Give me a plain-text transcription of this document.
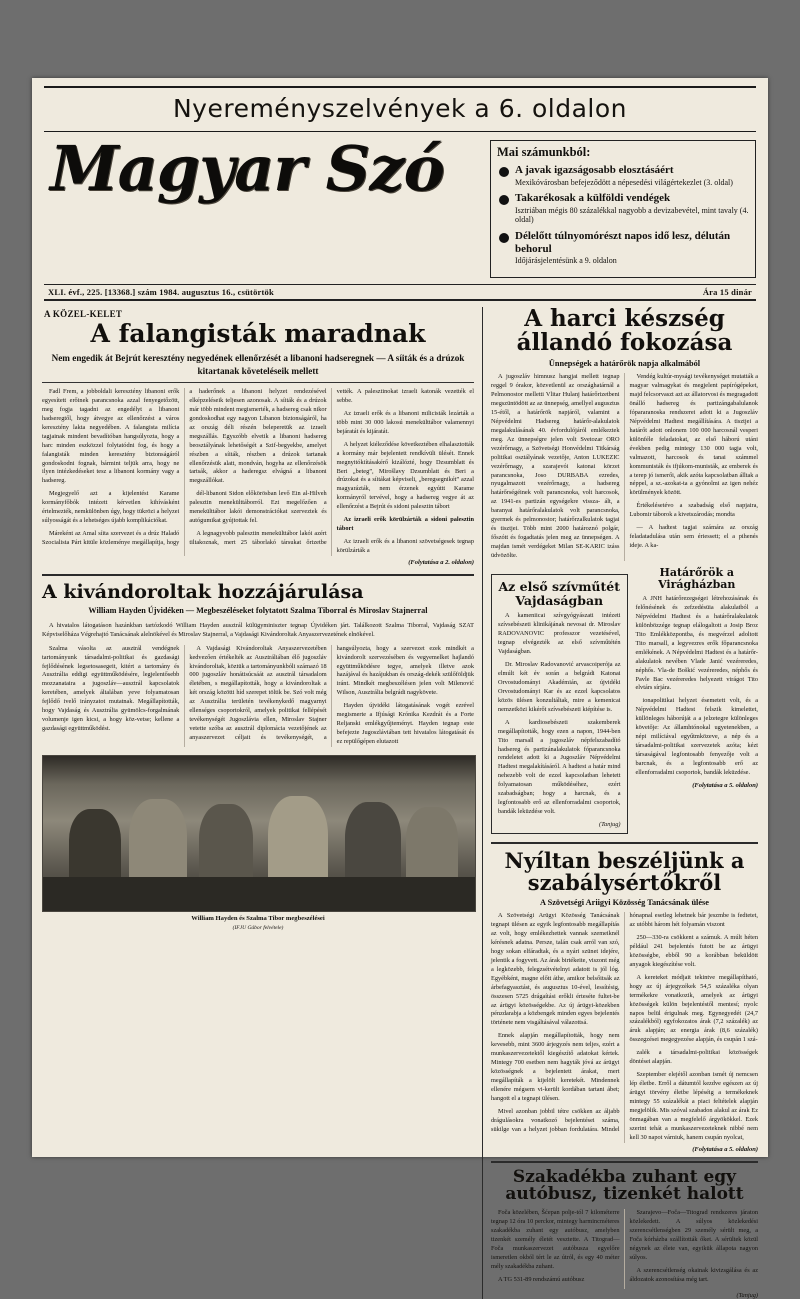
Nyereményszelvények a 6. oldalon
Magyar Szó	Mai számunkból:
A javak igazságosabb elosztásáért
Mexikóvárosban befejeződött a népesedési világértekezlet (3. oldal)
Takarékosak a külföldi vendégek
Isztriában mégis 80 százalékkal nagyobb a devizabevétel, mint tavaly (4. oldal)
Délelőtt túlnyomórészt napos idő lesz, délután behorul
Időjárásjelentésünk a 9. oldalon
XLI. évf., 225. [13368.] szám 1984. augusztus 16., csütörtök	Ára 15 dinár
A KÖZEL-KELET
A falangisták maradnak
Nem engedik át Bejrút keresztény negyedének ellenőrzését a libanoni hadseregnek — A síiták és a drúzok kitartanak követeléseik mellett

Fadl Frem, a jobboldali keresztény libanoni erők egyesített erőinek parancsnoka azzal fenyegetőzött, meg fogja tagadni az engedélyt a libanoni hadseregtől, hogy átvegye az ellenőrzést a város keresztény lakta negyedében. A falangista milícia tagjainak mindent bevadítóban hangsúlyozta, hogy a harc minden eszközzel folytatódni fog, és hogy a falangisták minden keresztény biztonságáról gondoskodni fognak, bármint teljük arra, hogy ne ilyen intézkedéseket tesz a libanoni kormány vagy a hadsereg.

Megjegyelő azt a kijelentést Karame kormányfőbók intézett kérvetlen kihívásként értelmezték, nemkülönben úgy, hogy tükrözi a helyzei súlyosságát és a lehetséges újabb komplikációkat.

Máreként az Amal síita szervezet és a drúz Haladó Szocialista Párt kitüle közleménye megállapítja, hogy a haderőnek a libanoni helyzet rendezésével elképzeléseik teljesen azonosak. A síiták és a drúzok már több mindent megismerték, a hadsereg csak nikor gondoskodhat egy nagyon Libanon biztonságáról, ha az ország déli részén beleperetük az izraeli megszállás. Egyszóbb elvetik a libanoni hadsereg beosztályának lehetőségét a Szif-begyekbe, amelyet részben a síiták, részben a drúzok tartanak ellenőrzésük alatt, mondván, hogyha az ellenőrzésök tartsák, akkor a haderegsz elvágná a libanoni megszállókat.

dél-libanoni Sidon előkörösban levő Ein al-Hilveh palesztin menekülttáborról. Ezt megelőzően a menekülttábor lakói demonstrációkat szerveztek és autógumikat gyújtottak fel.

A legnagyvobb palesztin menekülttábor lakói azért tiltakoznak, mert 25 táborlakó társukat őrizetbe vették. A palesztinokat izraeli katonák vezették el sebbe.

Az izraeli erők és a libanoni milicisták lezárták a több mint 30 000 lakosú menekülttábor valamennyi bejáratát és kijáratát.

A helyzet kiéleződése következtében elhalasztották a kormány már bejelentett rendkívüli ülését. Ennek megnyitókiításakérő kizálózté, hogy Dzsumblatt és Beri „beteg”, Mirošlavy Dzsumblatt és Beri a drúzokat és a síitákat képviseli, „beregsegnikét” azzal magyarázták, nem érzenek egyúttt Karame kormányról tervével, hogy a hadsereg vegye át az ellenőrzést a Bejrút és sidoni palesztin tábort

Az izraeli erők körülzárták a sidoni palesztin tábort

Az izraeli erők és a libanoni szövetségesek tegnap körülzárták a

(Folytatása a 2. oldalon)
A kivándoroltak hozzájárulása
William Hayden Újvidéken — Megbeszéléseket folytatott Szalma Tiborral és Miroslav Stajnerral

A hivatalos látogatáson hazánkban tartózkodó William Hayden ausztrál külügyminiszter tegnap Újvidéken járt. Találkozott Szalma Tiborral, Vajdaság SZAT Képviselőháza Végrehajtó Tanácsának alelnökével és Miroslav Stajnerral, a Vajdasági Kivándoroltak Anyaszervezetének elnökével.

Szalma vásolta az ausztrál vendégnek tartományunk társadalmi-politikai és gazdasági fejlődésének legsetosasegeit, kitért a tartomány és Ausztrália eddigi együttműködésére, legjelentősebb mozzanataira a jugoszláv—ausztrál kapcsolatok keretében, amelyek általában yeve folyamatosan fejlődő ivelő irányzatot mutatnak. Megállapították, hogy Vajdaság és Ausztrália gyümölcs-forgalmának volumenje igen kicsi, a hogy köz-vetse; kellene a gazdasági együttműködést.

A Vajdasági Kivándoroltak Anyaszervezetében kedvezően értékelték az Ausztráliában élő jugoszláv kivándoroltak, köztük a tartományunkbóli számazó 18 000 jugoszláv honátisúcsáát az ausztrál társadalom életében, s megállapították, hogy a kivándoroltak a két ország közötti híd szerepet töltik be. Szó volt még az Ausztrália területén tevékenykedő magyarnyi ellenséges csoportokról, amelyek politikai fellépését tevékenységét Jugoszlávia ellen, Miroslav Stajner vetette szóba az ausztrál diplomácia vezetőjének az anyaszervezet céljait és tevékenységét, a hangsúlyozta, hogy a szervezet ezek mindkét a kivándorolt szervezésében és vegyemelket hajlandó együttműködésre tegye, amelyek illetve azok hazájával és hazájukban és ország-dekék szülőföldjük iránt. Mindkét megbeszélésen jelen volt Milenović Wilson, Ausztrália belgrádi nagykövete.

Hayden újvidéki látogatásának vogét ezrével megismerte a Ifjúsági Krónika Kezdrát és a Forte Reljanski emlékgyűjteményt. Hayden tegnap este befejezte Jugoszláviában tett hivatalos látogatását és ez repülőgépen elutazott

William Hayden és Szalma Tibor megbeszélései
(IFJU Gábor felvétele)
A harci készség állandó fokozása
Ünnepségek a határőrök napja alkalmából

A jugoszláv himnusz hangjai mellett tegnap reggel 9 órakor, közvetlenül az országhatárnál a Pelmonostor melletti Vlitar Hulanj határőrizetbeni megszüntödött az az ünnepség, amellyel augusztus 15-étől, a határőrök napjáról, valamint a Népvédelmi Hadsereg határőr-alakulatok megalakulásának 40. évfordulójáról emlékeztek meg. Az ünnepségre jelen volt Svetozar ORO vezérőrnagy, a Szövetségi Honvédelmi Titkárság politikai osztályának vezetője, Anton LUKEZIC vezérőrnagy, a szarajevói katonai körzet parancsnoka, Joso DURBABA ezredes, nyugalmazott vezérőrnagy, a hadsereg határőrségéinek volt parancsnoka, volt harcosok, az 1941-es partizán egységekre vissza- ált, a baranyai határőralakulatok volt parancsnoka, gyermek és pelmonostor; határőrzalkulatok tagjai és tisztjei. Több mint 2000 határoznó polgár, főszótt és fogadtatás jelen meg az ünnepségen. A majdan ismét verdégeket Milan SE-KARIC izáss üdvözölte.

Vendég kultúr-mysági tevékenységet mutatták a magyar valmagykat és megjelent papírógépeket, majd felcsorvaszt azt az állatorvosi és megragadott önálló hadsereg és partizángabalulanok fópararanoska rendszerei adott ki a Jugoszláv Népvédelmi Hadtest megállítására. A tisztjei a határőt adott onlonem 100 000 harcosnál vesperi különféle feladatokat, az első háború utáni években pedig mintegy 130 000 tagja volt, valmazott, harcosok és tanai számmel kommunisták és ifjúkom-munisták, az emberek és a terep jó ismerői, akik azóta kapcsolatban álltak a néppel, a sz.-azokat-ta a gyónolmi az igen nehéz körülmények között.

Értékelésetévo a szabadság első napjaira, Lubomir táborok a kivetszárodás; mondta

— A hadtest tagjai számára az ország feladatadulása után sem ériessett; el a pihenés ideje. A ka-

Az első szívműtét Vajdaságban

A kameniicai szívgyógyászati intézeti szívsebészeti klinikájának nevosai dr. Miroslav RADOVANOVIC professzor vezetésével, tegnap elvégezték az első szívműtétén Vajdaságban.

Dr. Miroslav Radovanović arvascoiperója az elmúlt két év során a belgrádi Katonai Orvostudományi Akadémián, az újvidéki Orvostudományi Kar és az ezzel kapcsolatos közös ülésen konzultáltak, mire a kemenicai nemzetközi kikérőt szívsebészeti kiépítése is.

A kardiosebészeti szakemberek megállapították, hogy ezen a napon, 1944-ben Tito marsall a jugoszláv népfelszabadító hadsereg és partizánalakulatok fóparancsnoka rendeletet adott ki a Jugoszláv Népvédelmi Hadtest megalakításáról. A hadtest a határ mind nehezebb volt de ezzel kapcsolatban lehetett folyamatosan működéséhez, ezért szabadságban; hogy a harcnak, és a legfontosabb erő az ellenforradalmi csoportok, bandák leküzdése volt.

(Tanjug)
Határőrök a Virágházban

A JNH határőrezegségei létrehozásának és felőnésének és zefzedésüia alakulatból a Népvédelmi Hadtest és a határőralakulatok különbözzége tegnap elálogaltott a Josip Broz Tito Emlékközpontba, és megvérzel adoltott Tito marsall, a legyvezres erők főparancsnoka emlékének. A Népvédelmi Hadtest és a határőr-alakulatok nevében Vlade Janić vezéreredes, néphős. Vla-de Boškić vezéreredes, néphős és Pavle Bac vezéreredes helyezett virágot Tito elvtárs sírjára.

ionapolitikai helyzet ésemetett volt, és a Népvédelmi Hadtest felszik kimelettet, küllönleges háborúját a a jelzetegre különleges követője: Az államhtónokal ugyetenekben, a népi milíciával egyűtmközeve, a nép és a társadalmi-politikai szervezetek azóta; kézt társaságával legfontosabb fenyezője volt a barcnak, és a legfontosabb erő az ellenforradalmi csoportok, bandák leküzdése.

(Folytatása a 5. oldalon)
Nyíltan beszéljünk a szabálysértőkről
A Szövetségi Ariigyi Közösség Tanácsának ülése

A Szövetségi Arügyi Közösség Tanácsának tegnapi ülésen az egyik legfontosabb megállapítás az volt, hogy emlékezhettek vannak szemeiknél kérésnek adatna. Persze, talán csak arról van szó, hogy sokan elfáradtak, és a nyári szünet idejére, jelentik a fogyvett. Az árak birtékeite, viszont még a legközebb, felegzsétvételnyi adatott is jól lóg. Egyébként, magne előtt áthe, amikor belsőitsák az árbefagyasztást, és augusztus 10-ével, lessítésig, összesen 5725 drágaítási erőkli érteséte fultet-be az árügyi közösségekbe. Az új árügyi-közekben pénzdarabja a közbengek minden egyes bejelentés története nem visgáltásával válazottsá.

Ennek alapján megállapították, hogy nem kevesebb, mint 3600 árjegyzés nem teljes, ezért a munkaszervezetektől kiegészítő adatokat kértek. Mintegy 700 esetben nem hagyták jóvá az árügyi közösségnek a bejelentett árakat, mert megállapíták a kijelölt keretekét. Mindennek ellenére mégsem vi-került kordában tartani ábet; hangott el a tegnapi ülésen.

Mivel azonban jobbil tétre csökken az áljabb drágulásokra vonatkozó bejelentései száma, sükilge van a helyzet jobban fordulatára. Mindel hónapnal esetleg lehetnek bár jeszmbe is fedtetet, az utóbbi három hét folyamán viszont

250—330-ra csökkent a számuk. A múlt héten például 241 bejelentés futott be az árügyi közösségbe, ebből 90 a korábban beküldött anyagok kiegészítése volt.

A kereteket módjait tekintve megállapítható, hogy az új árjegyzékek 54,5 százaléka olyan termékekre vonatkozik, amelyek az árügyi közösségek külön bejelentéstől mentesí; nyolc napos belül érigulnak meg. Egynegyedét (24,7 százalékból) egyfokozatos árak (7,2 százalék) az áruk alapján; az energia árak (8,6 százalék) összegzései megegyezése alapján, és csupán 1 szá-

zalék a társadalmi-politikai közösségek döntései alapján.

Szeptember elejétől azonban ismét új nemcsen lép életbe. Erről a dátumtól kezdve egészen az új árügyi törvény életbe lépéséig a termékeknek mintegy 55 százalékát a piaci feltételek alapján megjelölik. Mis szóval szabadon alakul az árak Ez önmagában van a megfelelő árgyökökkel. Ezek szerint tehát a munkaszervezeteknek nibbé nem kell 30 napot várniuk, hanem csupán nyolcat,

(Folytatása a 5. oldalon)
Szakadékba zuhant egy autóbusz, tizenkét halott

Foča közelében, Šćepan polje-tól 7 kilométerre tegnap 12 óra 10 perckor, mintegy harmincméteres szakadékba zuhant egy autóbusz, amelyben tizenkét személy életét vesztette. A Titograd—Foča munkaszervezet autóbusza egyelőre ismeretlen okból tért le az útról, és egy 40 méter mély szakadékba zuhant.

A TG 531-89 rendszámú autóbusz

Szarajevo—Foča—Titograd rendszeres járaton közlekedett. A súlyos közlekedési szerencsétlenségben 29 személy sérült meg, a Foča kórházba szállították őket. A sérültek közül négynek az élete van, egyikük állapota nagyon súlyos.

A szerencsétlenség okainak kivizsgálása és az áldozatok azonosítása még tart.

(Tanjug)
